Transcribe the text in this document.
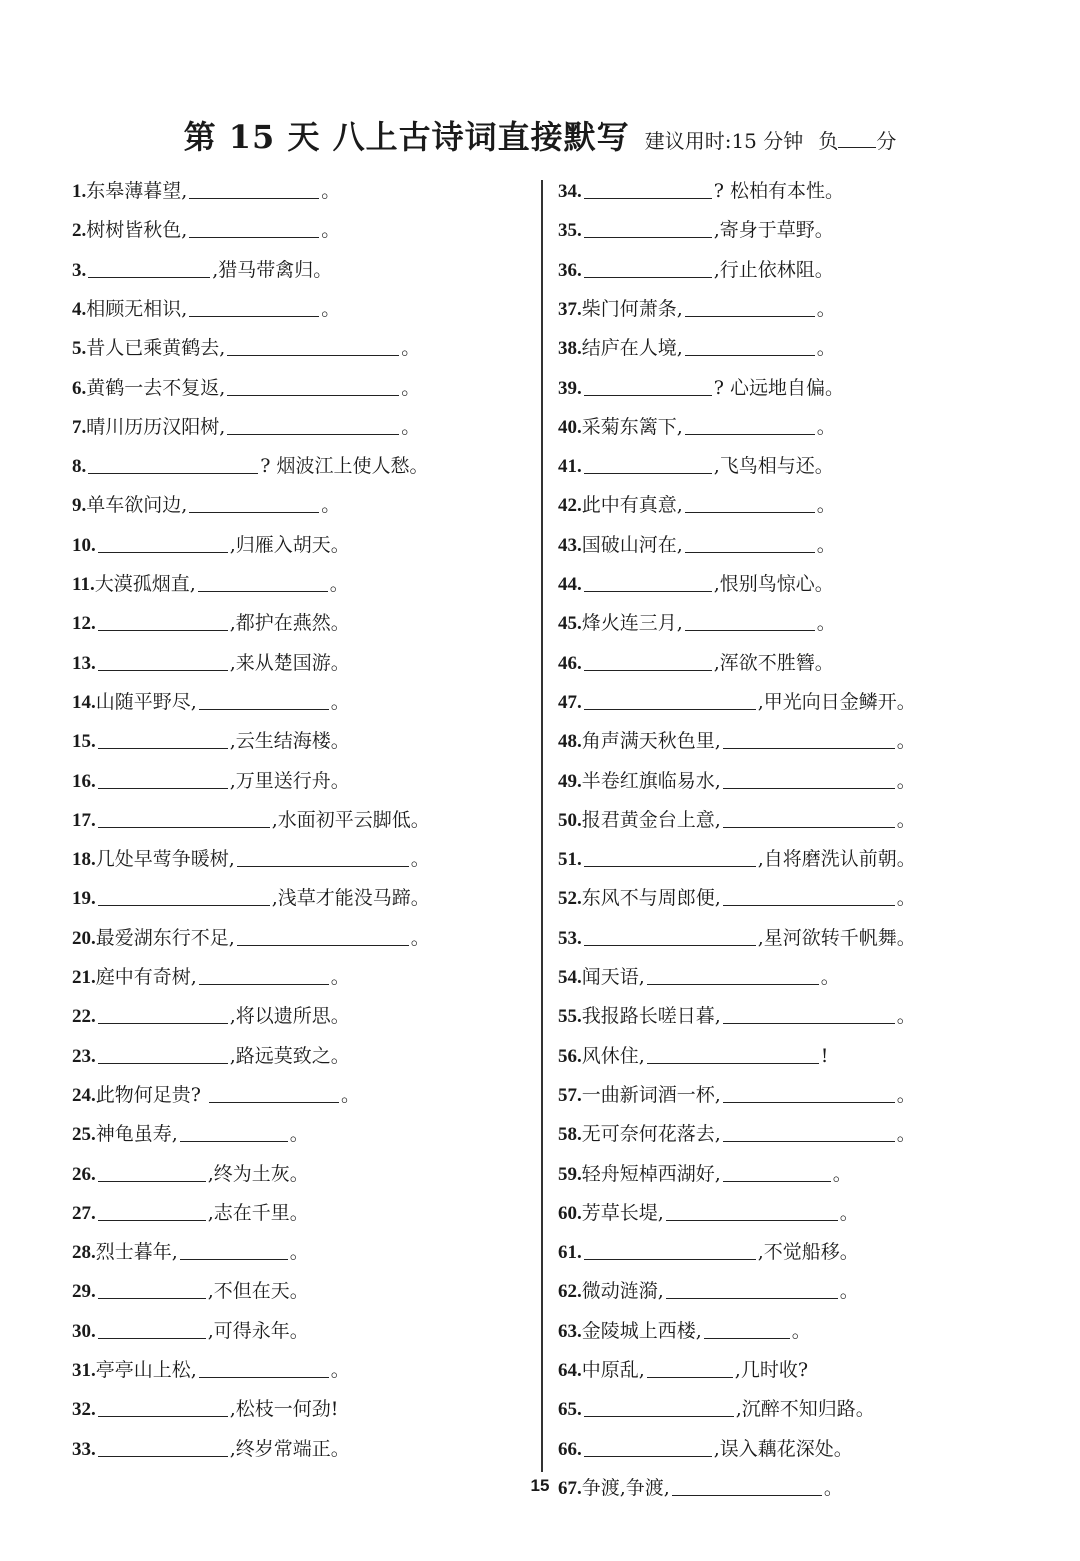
第 15 天 八上古诗词直接默写 建议用时:15 分钟 负 分
1.东皋薄暮望,	。
2.树树皆秋色,	。
3.	,猎马带禽归。
4.相顾无相识,	。
5.昔人已乘黄鹤去,	。
6.黄鹤一去不复返,	。
7.晴川历历汉阳树,	。
8.	? 烟波江上使人愁。
9.单车欲问边,	。
10.	,归雁入胡天。
11.大漠孤烟直,	。
12.	,都护在燕然。
13.	,来从楚国游。
14.山随平野尽,	。
15.	,云生结海楼。
16.	,万里送行舟。
17.	,水面初平云脚低。
18.几处早莺争暖树,	。
19.	,浅草才能没马蹄。
20.最爱湖东行不足,	。
21.庭中有奇树,	。
22.	,将以遗所思。
23.	,路远莫致之。
24.此物何足贵?	。
25.神龟虽寿,	。
26.	,终为土灰。
27.	,志在千里。
28.烈士暮年,	。
29.	,不但在天。
30.	,可得永年。
31.亭亭山上松,	。
32.	,松枝一何劲!
33.	,终岁常端正。
34.	? 松柏有本性。
35.	,寄身于草野。
36.	,行止依林阻。
37.柴门何萧条,	。
38.结庐在人境,	。
39.	? 心远地自偏。
40.采菊东篱下,	。
41.	,飞鸟相与还。
42.此中有真意,	。
43.国破山河在,	。
44.	,恨别鸟惊心。
45.烽火连三月,	。
46.	,浑欲不胜簪。
47.	,甲光向日金鳞开。
48.角声满天秋色里,	。
49.半卷红旗临易水,	。
50.报君黄金台上意,	。
51.	,自将磨洗认前朝。
52.东风不与周郎便,	。
53.	,星河欲转千帆舞。
54.闻天语,	。
55.我报路长嗟日暮,	。
56.风休住,	!
57.一曲新词酒一杯,	。
58.无可奈何花落去,	。
59.轻舟短棹西湖好,	。
60.芳草长堤,	。
61.	,不觉船移。
62.微动涟漪,	。
63.金陵城上西楼,	。
64.中原乱,	,几时收?
65.	,沉醉不知归路。
66.	,误入藕花深处。
67.争渡,争渡,	。
15
